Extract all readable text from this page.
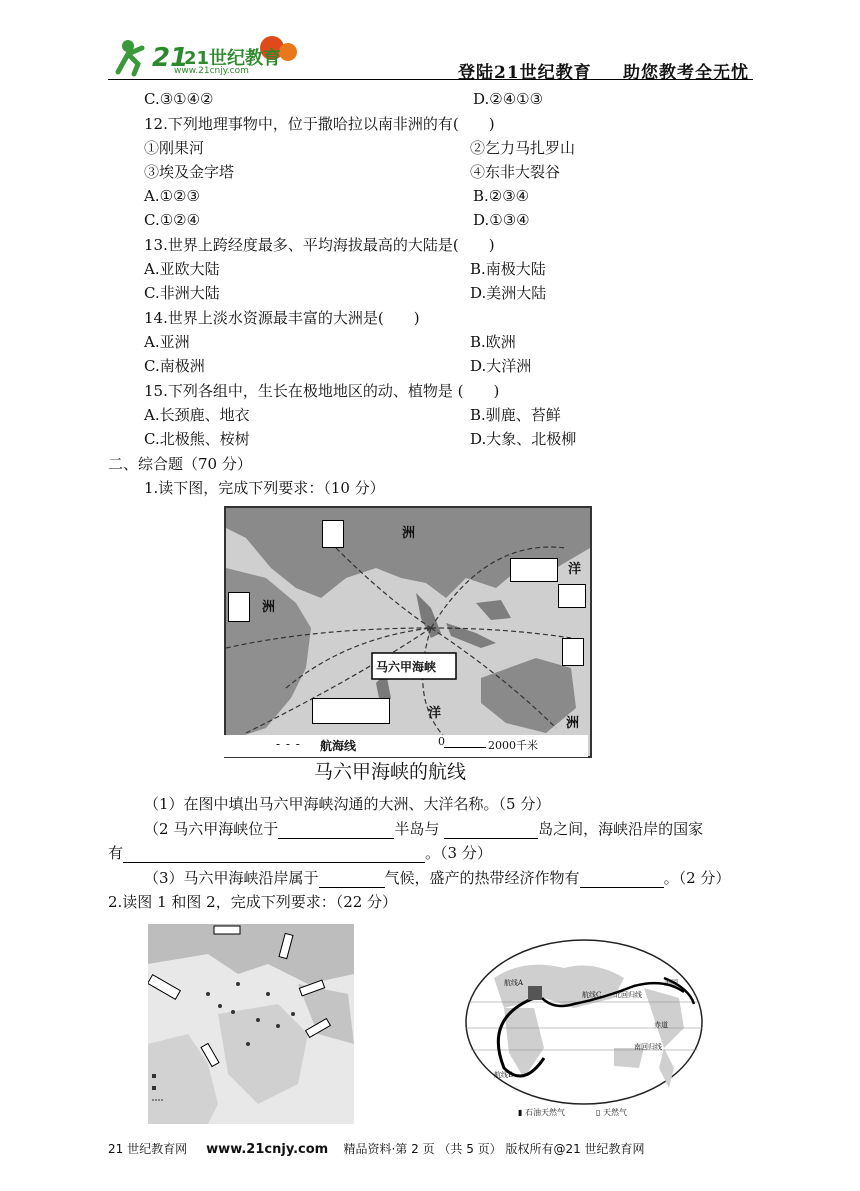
21
21世纪教育
www.21cnjy.com	登陆21世纪教育 助您教考全无忧
C.③①④②	D.②④①③
12.下列地理事物中，位于撒哈拉以南非洲的有(　　)
①刚果河	②乞力马扎罗山
③埃及金字塔	④东非大裂谷
A.①②③	B.②③④
C.①②④	D.①③④
13.世界上跨经度最多、平均海拔最高的大陆是(　　)
A.亚欧大陆	B.南极大陆
C.非洲大陆	D.美洲大陆
14.世界上淡水资源最丰富的大洲是(　　)
A.亚洲	B.欧洲
C.南极洲	D.大洋洲
15.下列各组中，生长在极地地区的动、植物是 (　　)
A.长颈鹿、地衣	B.驯鹿、苔鲜
C.北极熊、桉树	D.大象、北极柳
二、综合题（70 分）
1.读下图，完成下列要求：（10 分）
洲
洋
洲
马六甲海峡
洋
洲
- - - 航海线	0	2000千米
马六甲海峡的航线
（1）在图中填出马六甲海峡沟通的大洲、大洋名称。（5 分）
（2 马六甲海峡位于	半岛与	岛之间，海峡沿岸的国家
有	。（3 分）
（3）马六甲海峡沿岸属于	气候，盛产的热带经济作物有	。（2 分）
2.读图 1 和图 2，完成下列要求：（22 分）
航线A
航线C 北回归线
美国
赤道
南回归线
航线B
▮ 石油天然气	▯ 天然气
21 世纪教育网 www.21cnjy.com 精品资料·第 2 页 （共 5 页） 版权所有@21 世纪教育网
